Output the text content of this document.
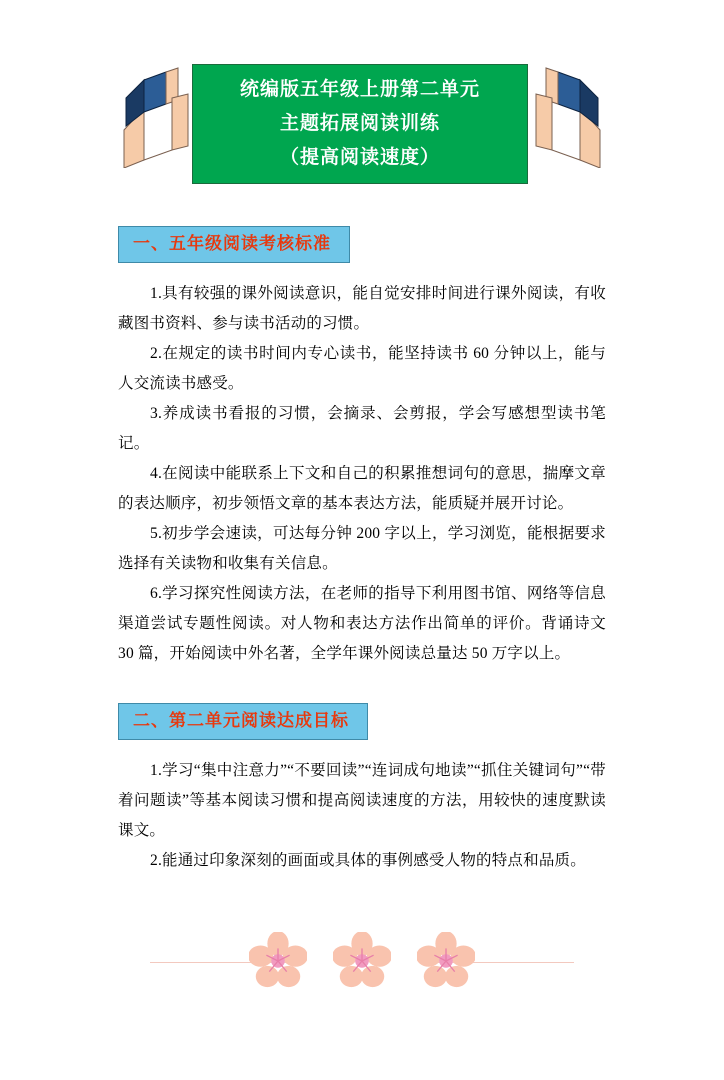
统编版五年级上册第二单元
主题拓展阅读训练
（提高阅读速度）
一、五年级阅读考核标准

1.具有较强的课外阅读意识，能自觉安排时间进行课外阅读，有收藏图书资料、参与读书活动的习惯。

2.在规定的读书时间内专心读书，能坚持读书 60 分钟以上，能与人交流读书感受。

3.养成读书看报的习惯，会摘录、会剪报，学会写感想型读书笔记。

4.在阅读中能联系上下文和自己的积累推想词句的意思，揣摩文章的表达顺序，初步领悟文章的基本表达方法，能质疑并展开讨论。

5.初步学会速读，可达每分钟 200 字以上，学习浏览，能根据要求选择有关读物和收集有关信息。

6.学习探究性阅读方法，在老师的指导下利用图书馆、网络等信息渠道尝试专题性阅读。对人物和表达方法作出简单的评价。背诵诗文 30 篇，开始阅读中外名著，全学年课外阅读总量达 50 万字以上。

二、第二单元阅读达成目标

1.学习“集中注意力”“不要回读”“连词成句地读”“抓住关键词句”“带着问题读”等基本阅读习惯和提高阅读速度的方法，用较快的速度默读课文。

2.能通过印象深刻的画面或具体的事例感受人物的特点和品质。
